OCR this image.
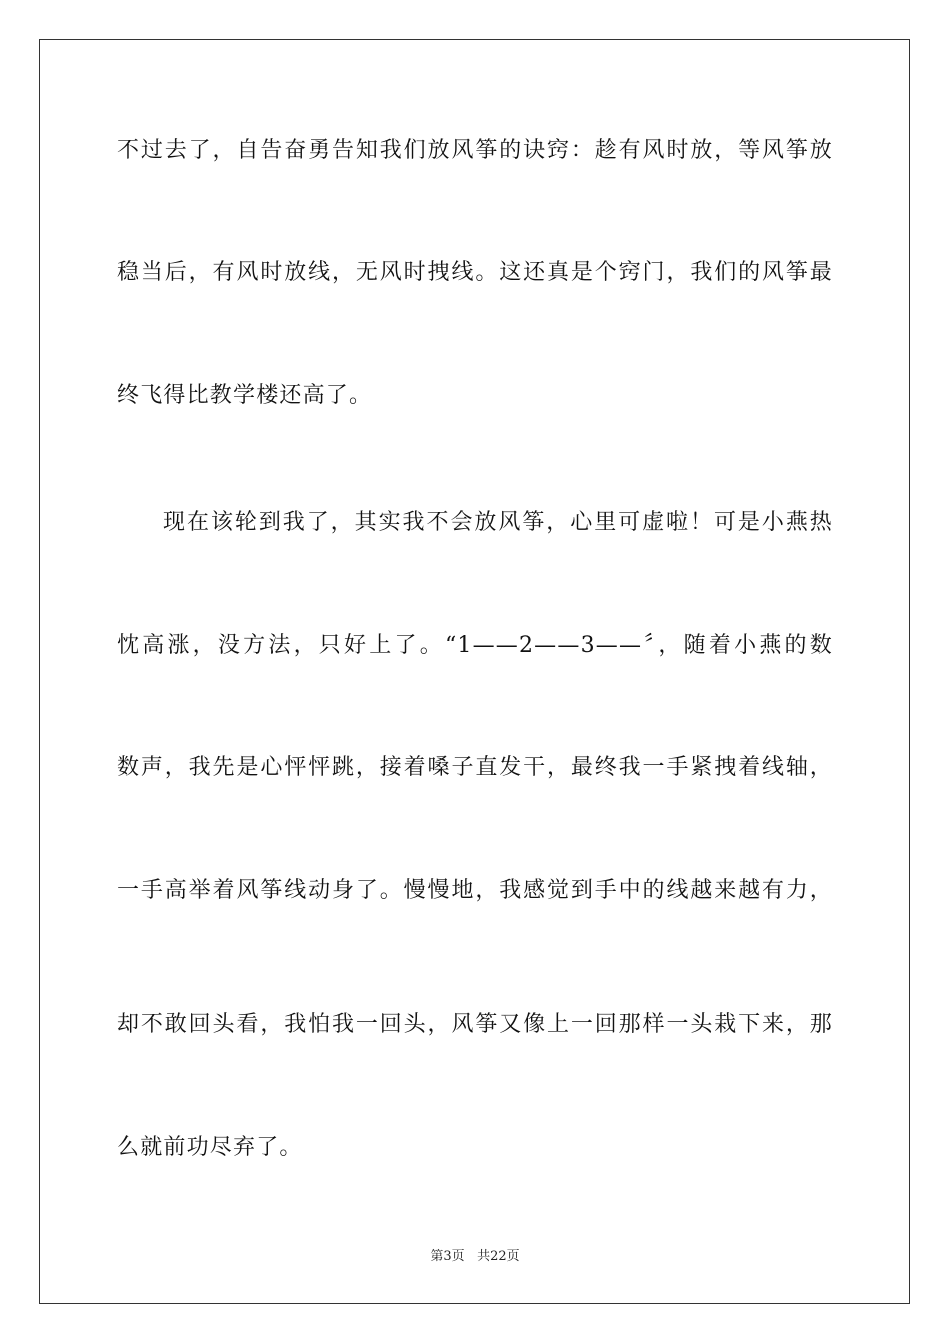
不过去了，自告奋勇告知我们放风筝的诀窍：趁有风时放，等风筝放
稳当后，有风时放线，无风时拽线。这还真是个窍门，我们的风筝最
终飞得比教学楼还高了。
现在该轮到我了，其实我不会放风筝，心里可虚啦！可是小燕热
忱高涨，没方法，只好上了。“1——2——3——〞，随着小燕的数
数声，我先是心怦怦跳，接着嗓子直发干，最终我一手紧拽着线轴，
一手高举着风筝线动身了。慢慢地，我感觉到手中的线越来越有力，
却不敢回头看，我怕我一回头，风筝又像上一回那样一头栽下来，那
么就前功尽弃了。
第3页 共22页
